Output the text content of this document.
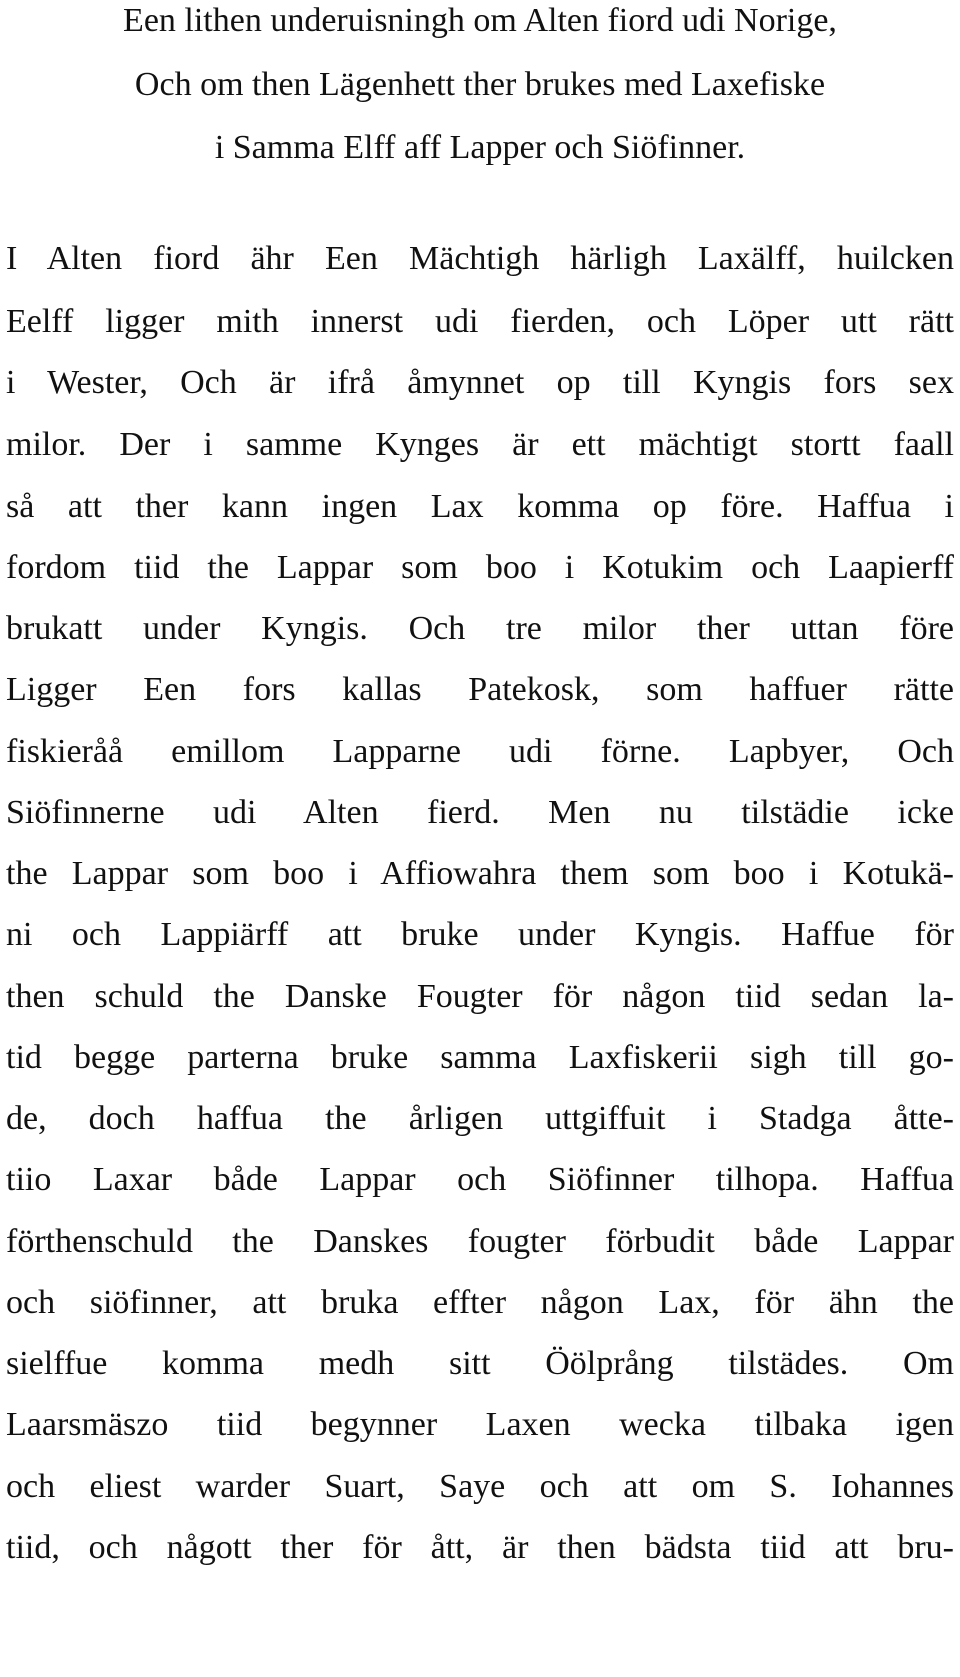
Een lithen underuisningh om Alten fiord udi Norige,
Och om then Lägenhett ther brukes med Laxefiske
i Samma Elff aff Lapper och Siöfinner.
I Alten fiord ähr Een Mächtigh härligh Laxälff, huilcken
Eelff ligger mith innerst udi fierden, och Löper utt rätt
i Wester, Och är ifrå åmynnet op till Kyngis fors sex
milor. Der i samme Kynges är ett mächtigt stortt faall
så att ther kann ingen Lax komma op före. Haffua i
fordom tiid the Lappar som boo i Kotukim och Laapierff
brukatt under Kyngis. Och tre milor ther uttan före
Ligger Een fors kallas Patekosk, som haffuer rätte
fiskieråå emillom Lapparne udi förne. Lapbyer, Och
Siöfinnerne udi Alten fierd. Men nu tilstädie icke
the Lappar som boo i Affiowahra them som boo i Kotukä-
ni och Lappiärff att bruke under Kyngis. Haffue för
then schuld the Danske Fougter för någon tiid sedan la-
tid begge parterna bruke samma Laxfiskerii sigh till go-
de, doch haffua the årligen uttgiffuit i Stadga åtte-
tiio Laxar både Lappar och Siöfinner tilhopa. Haffua
förthenschuld the Danskes fougter förbudit både Lappar
och siöfinner, att bruka effter någon Lax, för ähn the
sielffue komma medh sitt Öölprång tilstädes. Om
Laarsmäszo tiid begynner Laxen wecka tilbaka igen
och eliest warder Suart, Saye och att om S. Iohannes
tiid, och någott ther för ått, är then bädsta tiid att bru-
